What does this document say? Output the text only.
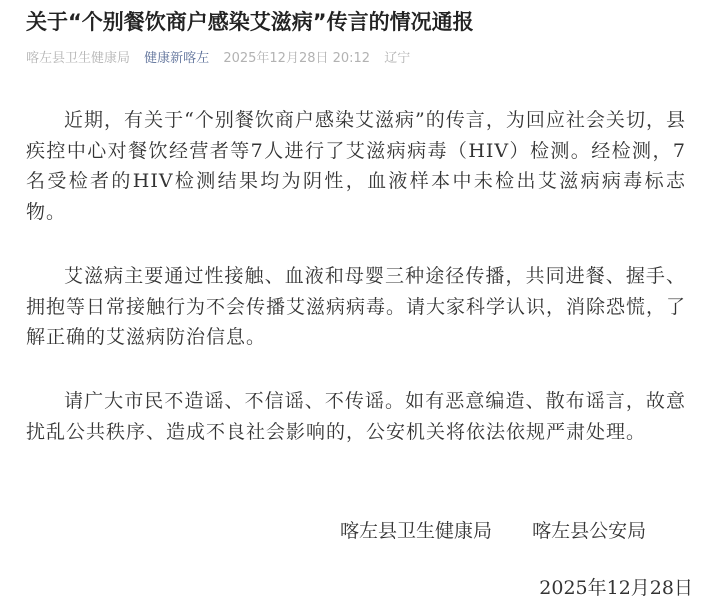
关于“个别餐饮商户感染艾滋病”传言的情况通报
喀左县卫生健康局 健康新喀左 2025年12月28日 20:12 辽宁

近期，有关于“个别餐饮商户感染艾滋病”的传言，为回应社会关切，县疾控中心对餐饮经营者等7人进行了艾滋病病毒（HIV）检测。经检测，7名受检者的HIV检测结果均为阴性，血液样本中未检出艾滋病病毒标志物。

艾滋病主要通过性接触、血液和母婴三种途径传播，共同进餐、握手、拥抱等日常接触行为不会传播艾滋病病毒。请大家科学认识，消除恐慌，了解正确的艾滋病防治信息。

请广大市民不造谣、不信谣、不传谣。如有恶意编造、散布谣言，故意扰乱公共秩序、造成不良社会影响的，公安机关将依法依规严肃处理。

喀左县卫生健康局 喀左县公安局
2025年12月28日
